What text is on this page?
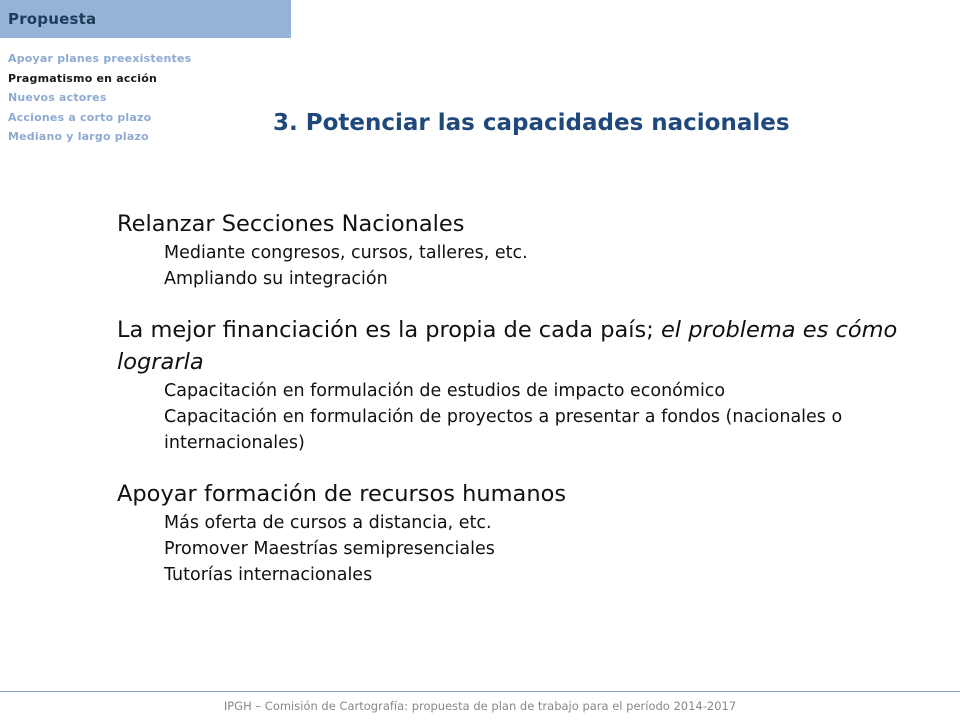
Propuesta
Apoyar planes preexistentes
Pragmatismo en acción
Nuevos actores
Acciones a corto plazo
Mediano y largo plazo
3. Potenciar las capacidades nacionales

Relanzar Secciones Nacionales

Mediante congresos, cursos, talleres, etc.

Ampliando su integración

La mejor financiación es la propia de cada país; el problema es cómo lograrla

Capacitación en formulación de estudios de impacto económico

Capacitación en formulación de proyectos a presentar a fondos (nacionales o internacionales)

Apoyar formación de recursos humanos

Más oferta de cursos a distancia, etc.

Promover Maestrías semipresenciales

Tutorías internacionales

IPGH – Comisión de Cartografía: propuesta de plan de trabajo para el período 2014-2017
